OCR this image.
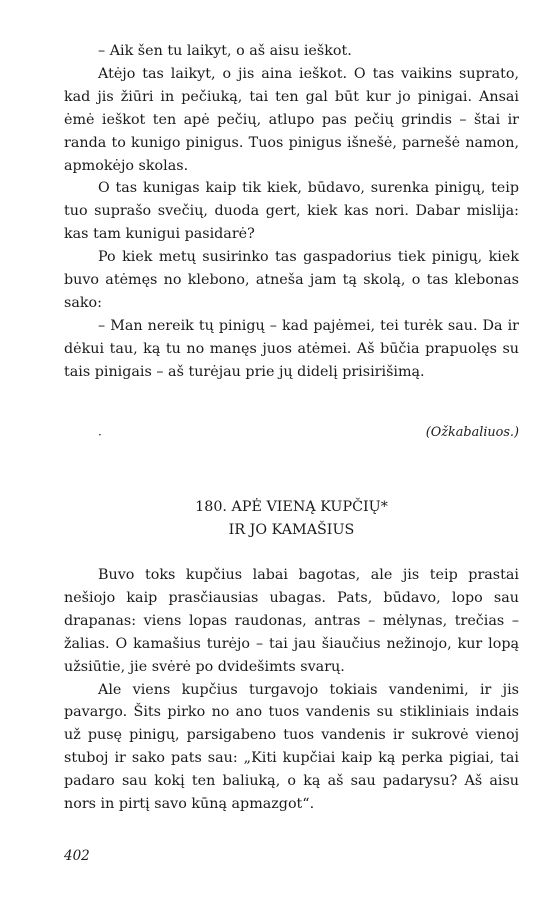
– Aik šen tu laikyt, o aš aisu ieškot.

Atėjo tas laikyt, o jis aina ieškot. O tas vaikins suprato, kad jis žiūri in pečiuką, tai ten gal būt kur jo pinigai. Ansai ėmė ieškot ten apė pečių, atlupo pas pečių grindis – štai ir randa to kunigo pinigus. Tuos pinigus išnešė, parnešė namon, apmokėjo skolas.

O tas kunigas kaip tik kiek, būdavo, surenka pinigų, teip tuo suprašo svečių, duoda gert, kiek kas nori. Dabar mislija: kas tam kunigui pasidarė?

Po kiek metų susirinko tas gaspadorius tiek pinigų, kiek buvo atėmęs no klebono, atneša jam tą skolą, o tas klebonas sako:

– Man nereik tų pinigų – kad pajėmei, tei turėk sau. Da ir dėkui tau, ką tu no manęs juos atėmei. Aš būčia prapuolęs su tais pinigais – aš turėjau prie jų didelį prisirišimą.

·	(Ožkabaliuos.)
180. APĖ VIENĄ KUPČIŲ*
IR JO KAMAŠIUS

Buvo toks kupčius labai bagotas, ale jis teip prastai nešiojo kaip prasčiausias ubagas. Pats, būdavo, lopo sau drapanas: viens lopas raudonas, antras – mėlynas, trečias – žalias. O kamašius turėjo – tai jau šiaučius nežinojo, kur lopą užsiūtie, jie svėrė po dvidešimts svarų.

Ale viens kupčius turgavojo tokiais vandenimi, ir jis pavargo. Šits pirko no ano tuos vandenis su stikliniais indais už pusę pinigų, parsigabeno tuos vandenis ir sukrovė vienoj stuboj ir sako pats sau: „Kiti kupčiai kaip ką perka pigiai, tai padaro sau kokį ten baliuką, o ką aš sau padarysu? Aš aisu nors in pirtį savo kūną apmazgot“.

402
